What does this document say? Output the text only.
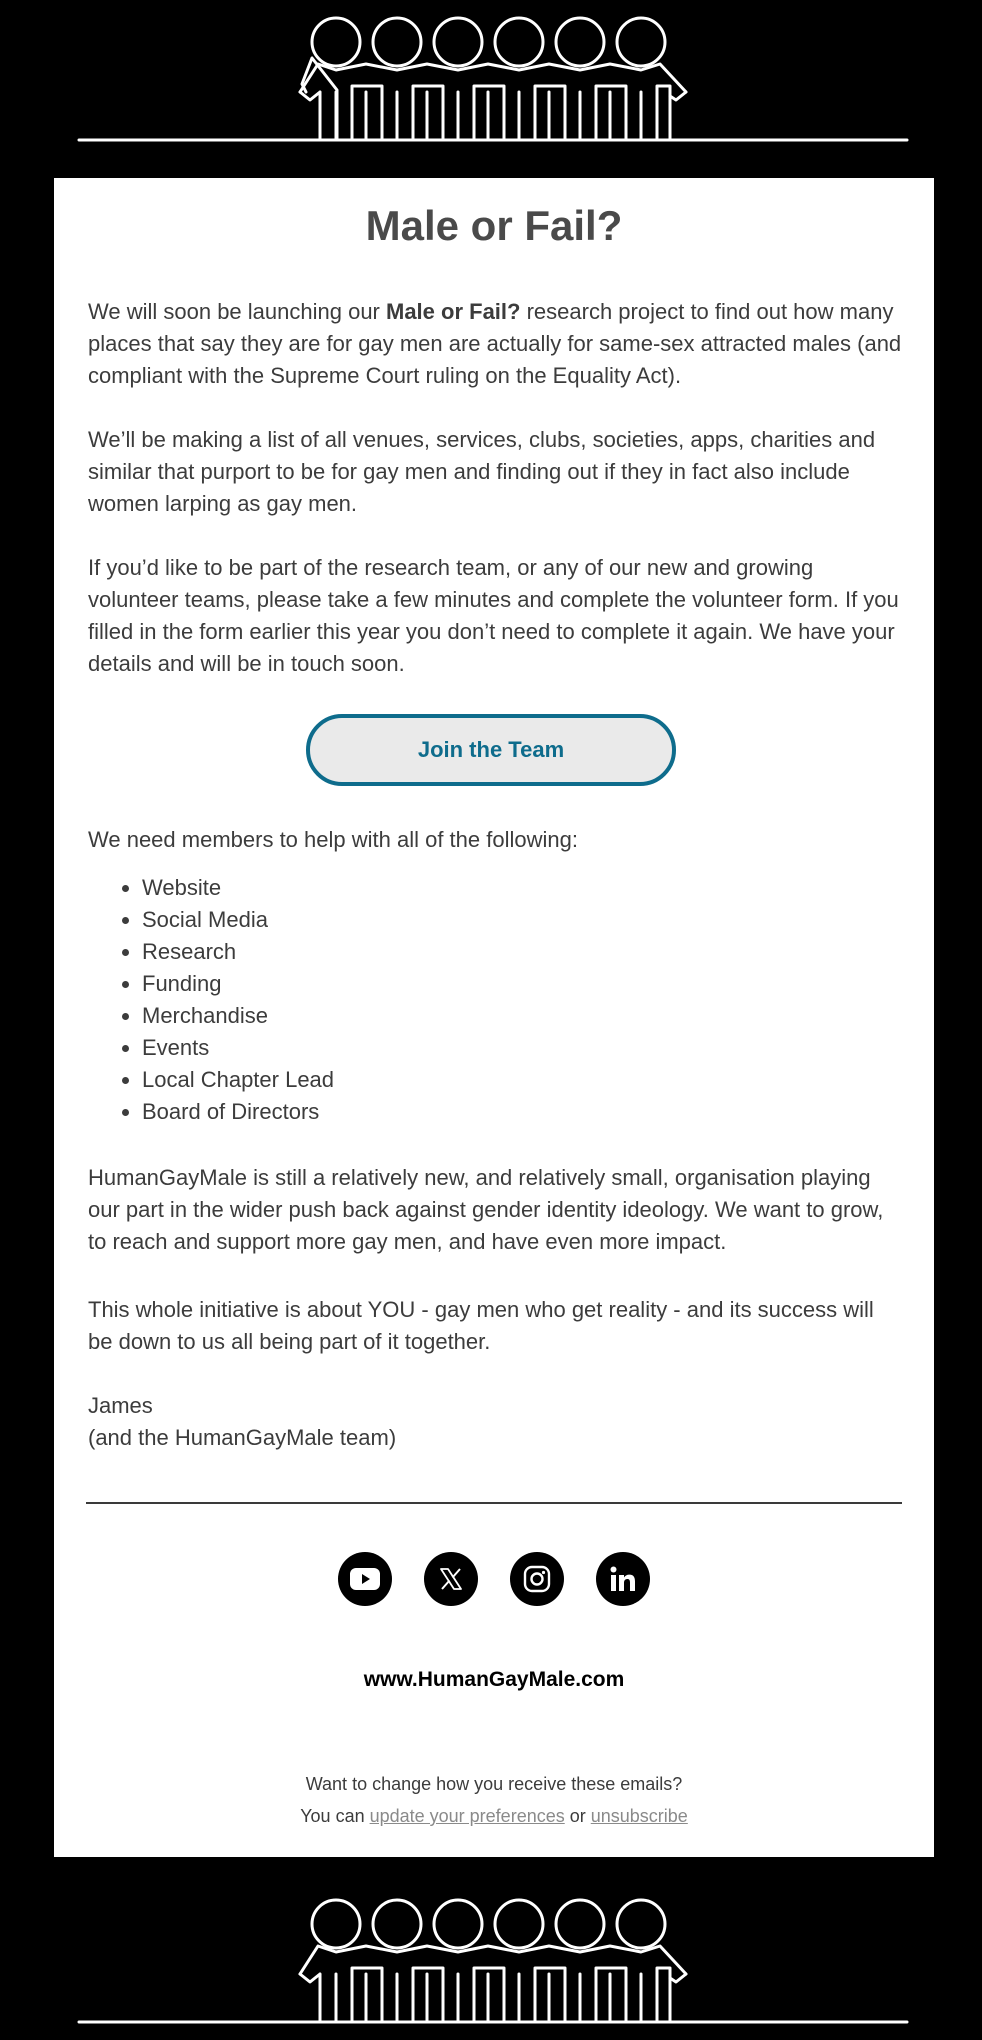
Male or Fail?

We will soon be launching our Male or Fail? research project to find out how many places that say they are for gay men are actually for same-sex attracted males (and compliant with the Supreme Court ruling on the Equality Act).

We’ll be making a list of all venues, services, clubs, societies, apps, charities and similar that purport to be for gay men and finding out if they in fact also include women larping as gay men.

If you’d like to be part of the research team, or any of our new and growing volunteer teams, please take a few minutes and complete the volunteer form. If you filled in the form earlier this year you don’t need to complete it again. We have your details and will be in touch soon.

Join the Team

We need members to help with all of the following:

• Website
• Social Media
• Research
• Funding
• Merchandise
• Events
• Local Chapter Lead
• Board of Directors

HumanGayMale is still a relatively new, and relatively small, organisation playing our part in the wider push back against gender identity ideology. We want to grow, to reach and support more gay men, and have even more impact.

This whole initiative is about YOU - gay men who get reality - and its success will be down to us all being part of it together.

James
(and the HumanGayMale team)

www.HumanGayMale.com
Want to change how you receive these emails?
You can update your preferences or unsubscribe
